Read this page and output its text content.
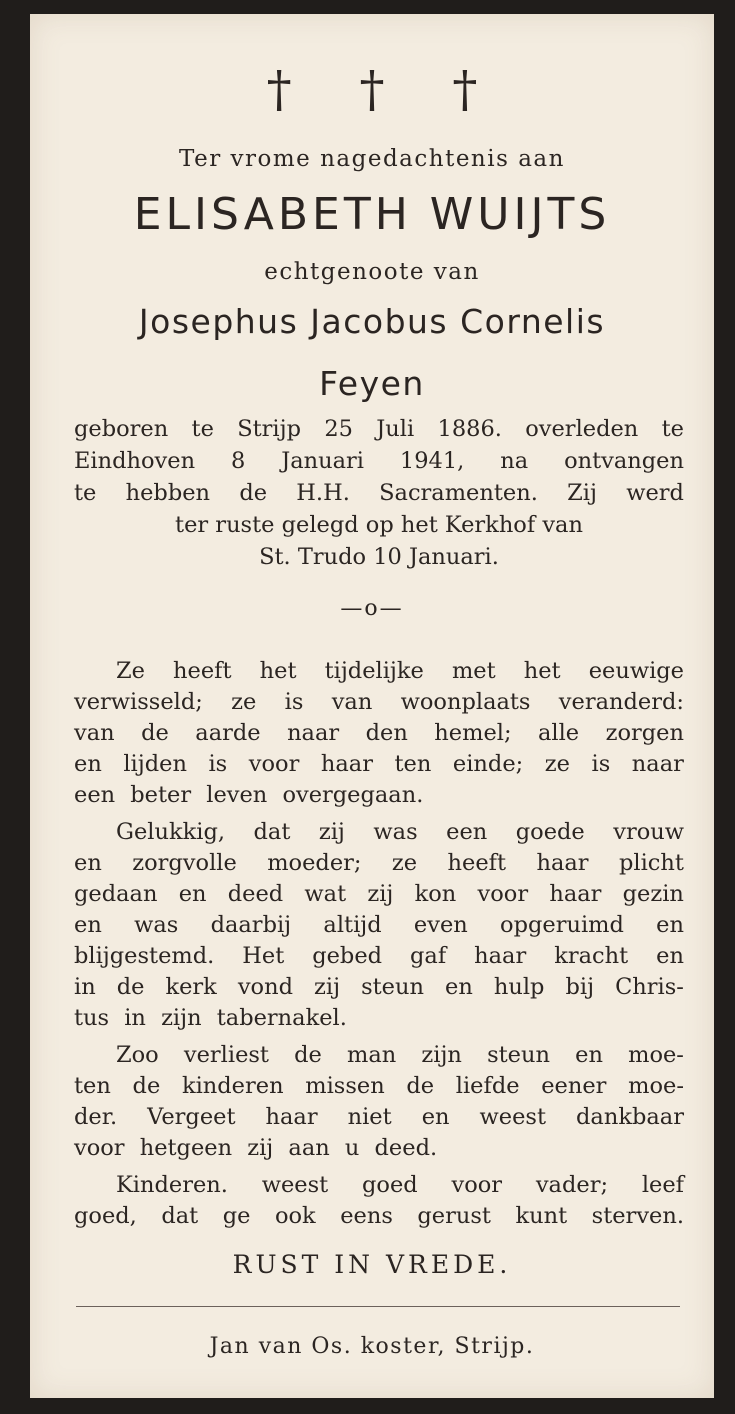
† † †
Ter vrome nagedachtenis aan
ELISABETH WUIJTS
echtgenoote van
Josephus Jacobus Cornelis
Feyen
geboren te Strijp 25 Juli 1886. overleden te
Eindhoven 8 Januari 1941, na ontvangen
te hebben de H.H. Sacramenten. Zij werd
ter ruste gelegd op het Kerkhof van
St. Trudo 10 Januari.
—o—
Ze heeft het tijdelijke met het eeuwige
verwisseld; ze is van woonplaats veranderd:
van de aarde naar den hemel; alle zorgen
en lijden is voor haar ten einde; ze is naar
een beter leven overgegaan.
Gelukkig, dat zij was een goede vrouw
en zorgvolle moeder; ze heeft haar plicht
gedaan en deed wat zij kon voor haar gezin
en was daarbij altijd even opgeruimd en
blijgestemd. Het gebed gaf haar kracht en
in de kerk vond zij steun en hulp bij Chris-
tus in zijn tabernakel.
Zoo verliest de man zijn steun en moe-
ten de kinderen missen de liefde eener moe-
der. Vergeet haar niet en weest dankbaar
voor hetgeen zij aan u deed.
Kinderen. weest goed voor vader; leef
goed, dat ge ook eens gerust kunt sterven.
RUST IN VREDE.
Jan van Os. koster, Strijp.
